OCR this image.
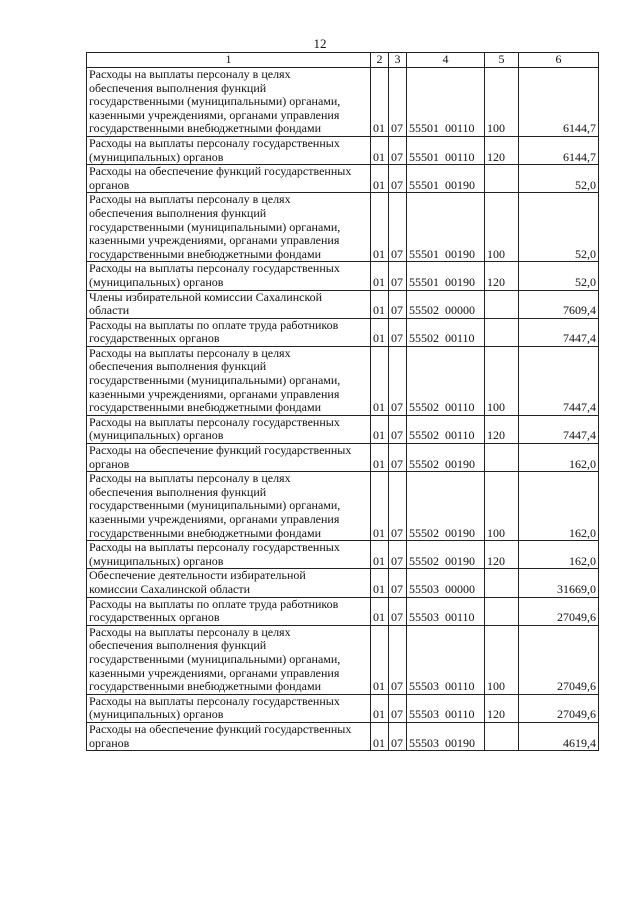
12
1	2	3	4	5	6
Расходы на выплаты персоналу в целях
обеспечения выполнения функций
государственными (муниципальными) органами,
казенными учреждениями, органами управления
государственными внебюджетными фондами	01	07	55501  00110	100	6144,7
Расходы на выплаты персоналу государственных
(муниципальных) органов	01	07	55501  00110	120	6144,7
Расходы на обеспечение функций государственных
органов	01	07	55501  00190		52,0
Расходы на выплаты персоналу в целях
обеспечения выполнения функций
государственными (муниципальными) органами,
казенными учреждениями, органами управления
государственными внебюджетными фондами	01	07	55501  00190	100	52,0
Расходы на выплаты персоналу государственных
(муниципальных) органов	01	07	55501  00190	120	52,0
Члены избирательной комиссии Сахалинской
области	01	07	55502  00000		7609,4
Расходы на выплаты по оплате труда работников
государственных органов	01	07	55502  00110		7447,4
Расходы на выплаты персоналу в целях
обеспечения выполнения функций
государственными (муниципальными) органами,
казенными учреждениями, органами управления
государственными внебюджетными фондами	01	07	55502  00110	100	7447,4
Расходы на выплаты персоналу государственных
(муниципальных) органов	01	07	55502  00110	120	7447,4
Расходы на обеспечение функций государственных
органов	01	07	55502  00190		162,0
Расходы на выплаты персоналу в целях
обеспечения выполнения функций
государственными (муниципальными) органами,
казенными учреждениями, органами управления
государственными внебюджетными фондами	01	07	55502  00190	100	162,0
Расходы на выплаты персоналу государственных
(муниципальных) органов	01	07	55502  00190	120	162,0
Обеспечение деятельности избирательной
комиссии Сахалинской области	01	07	55503  00000		31669,0
Расходы на выплаты по оплате труда работников
государственных органов	01	07	55503  00110		27049,6
Расходы на выплаты персоналу в целях
обеспечения выполнения функций
государственными (муниципальными) органами,
казенными учреждениями, органами управления
государственными внебюджетными фондами	01	07	55503  00110	100	27049,6
Расходы на выплаты персоналу государственных
(муниципальных) органов	01	07	55503  00110	120	27049,6
Расходы на обеспечение функций государственных
органов	01	07	55503  00190		4619,4
